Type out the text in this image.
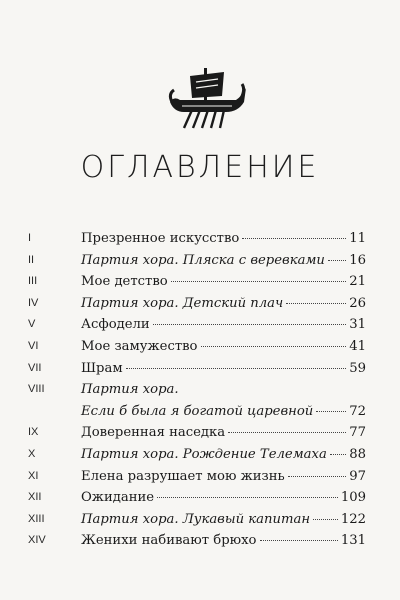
ОГЛАВЛЕНИЕ
I	Презренное искусство	11
II	Партия хора. Пляска с веревками 16
III	Мое детство	21
IV	Партия хора. Детский плач	26
V	Асфодели	31
VI	Мое замужество	41
VII	Шрам	59
VIII	Партия хора.
Если б была я богатой царевной	72
IX	Доверенная наседка	77
X	Партия хора. Рождение Телемаха 88
XI	Елена разрушает мою жизнь	97
XII	Ожидание	109
XIII	Партия хора. Лукавый капитан 122
XIV	Женихи набивают брюхо	131
